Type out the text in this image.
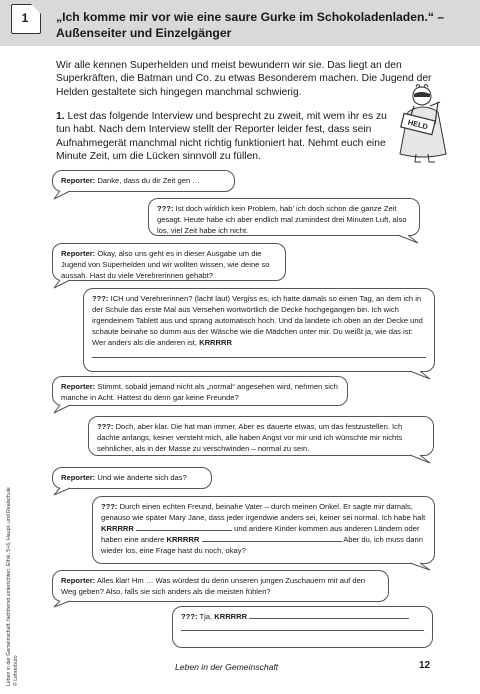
1	„Ich komme mir vor wie eine saure Gurke im Schokoladenladen.“ –
Außenseiter und Einzelgänger

Wir alle kennen Superhelden und meist bewundern wir sie. Das liegt an den Superkräften, die Batman und Co. zu etwas Besonderem machen. Die Jugend der Helden gestaltete sich hingegen manchmal schwierig.

1. Lest das folgende Interview und besprecht zu zweit, mit wem ihr es zu tun habt. Nach dem Interview stellt der Reporter leider fest, dass sein Aufnahmegerät manchmal nicht richtig funktioniert hat. Nehmt euch eine Minute Zeit, um die Lücken sinnvoll zu füllen.

HELD
Reporter: Danke, dass du dir Zeit gen …
???: Ist doch wirklich kein Problem, hab’ ich doch schon die ganze Zeit gesagt. Heute habe ich aber endlich mal zumindest drei Minuten Luft, also los, viel Zeit habe ich nicht.
Reporter: Okay, also uns geht es in dieser Ausgabe um die Jugend von Superhelden und wir wollten wissen, wie deine so aussah. Hast du viele Verehrerinnen gehabt?
???: ICH und Verehrerinnen? (lacht laut) Vergiss es, ich hatte damals so einen Tag, an dem ich in der Schule das erste Mal aus Versehen wortwörtlich die Decke hochgegangen bin. Ich wich irgendeinem Tablett aus und sprang automatisch hoch. Und da landete ich oben an der Decke und schaute beinahe so dumm aus der Wäsche wie die Mädchen unter mir. Du weißt ja, wie das ist: Wer anders als die anderen ist, KRRRRR
Reporter: Stimmt, sobald jemand nicht als „normal“ angesehen wird, nehmen sich manche in Acht. Hattest du denn gar keine Freunde?
???: Doch, aber klar. Die hat man immer. Aber es dauerte etwas, um das festzustellen. Ich dachte anfangs, keiner versteht mich, alle haben Angst vor mir und ich wünschte mir nichts sehnlicher, als in der Masse zu verschwinden – normal zu sein.
Reporter: Und wie änderte sich das?
???: Durch einen echten Freund, beinahe Vater – durch meinen Onkel. Er sagte mir damals, genauso wie später Mary Jane, dass jeder irgendwie anders sei, keiner sei normal. Ich habe halt KRRRRR	und andere Kinder kommen aus anderen Ländern oder haben eine andere KRRRRR	Aber du, ich muss dann wieder los, eine Frage hast du noch, okay?
Reporter: Alles klar! Hm … Was würdest du denn unseren jungen Zuschauern mit auf den Weg geben? Also, falls sie sich anders als die meisten fühlen?
???: Tja, KRRRRR
Leben in der Gemeinschaft, fachfremd unterrichten, Ethik, 5+6, Haupt- und Realschule © Lehrerbüro	Leben in der Gemeinschaft	12
